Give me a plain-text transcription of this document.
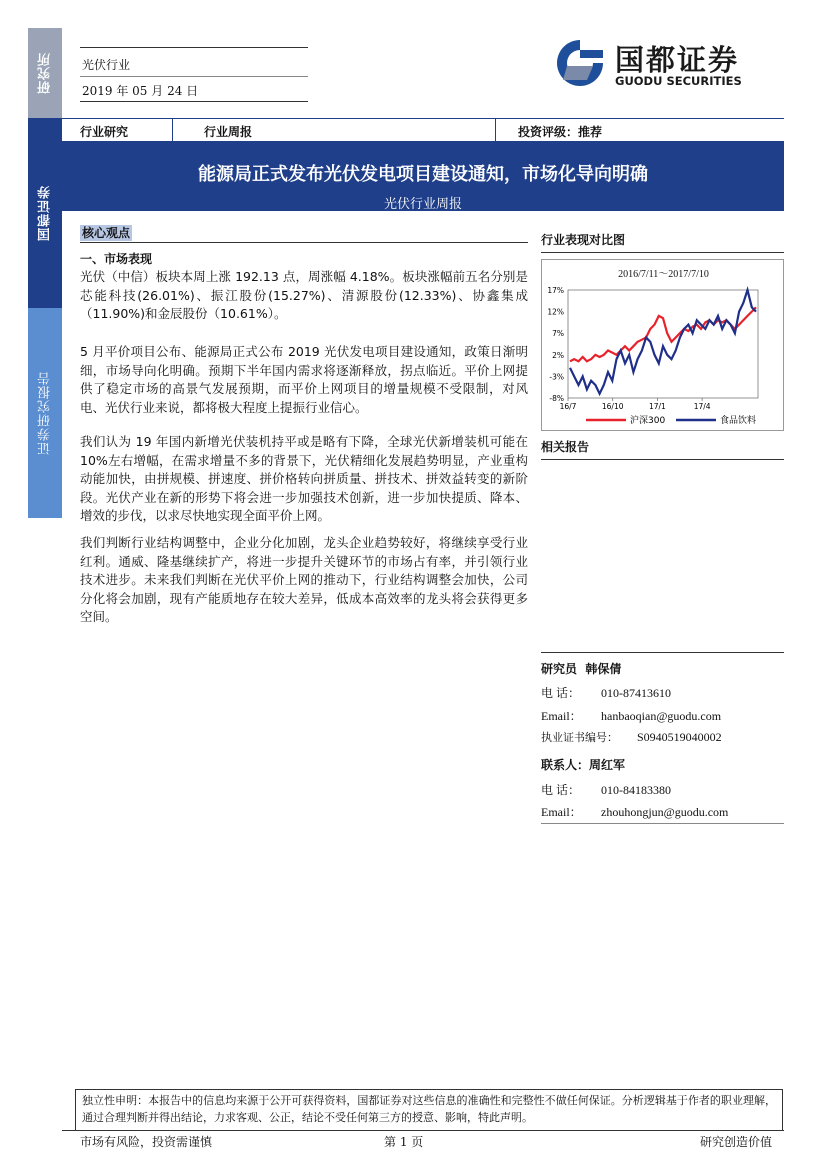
研究所
国都证券
证券研究报告
光伏行业
2019 年 05 月 24 日
国都证券
GUODU SECURITIES
行业研究	行业周报	投资评级：推荐
能源局正式发布光伏发电项目建设通知，市场化导向明确
光伏行业周报
核心观点
一、市场表现
光伏（中信）板块本周上涨 192.13 点，周涨幅 4.18%。板块涨幅前五名分别是芯能科技(26.01%)、振江股份(15.27%)、清源股份(12.33%)、协鑫集成（11.90%)和金辰股份（10.61%）。
5 月平价项目公布、能源局正式公布 2019 光伏发电项目建设通知，政策日渐明细，市场导向化明确。预期下半年国内需求将逐渐释放，拐点临近。平价上网提供了稳定市场的高景气发展预期，而平价上网项目的增量规模不受限制，对风电、光伏行业来说，都将极大程度上提振行业信心。
我们认为 19 年国内新增光伏装机持平或是略有下降，全球光伏新增装机可能在 10%左右增幅，在需求增量不多的背景下，光伏精细化发展趋势明显，产业重构动能加快，由拼规模、拼速度、拼价格转向拼质量、拼技术、拼效益转变的新阶段。光伏产业在新的形势下将会进一步加强技术创新，进一步加快提质、降本、增效的步伐，以求尽快地实现全面平价上网。
我们判断行业结构调整中，企业分化加剧，龙头企业趋势较好，将继续享受行业红利。通威、隆基继续扩产，将进一步提升关键环节的市场占有率，并引领行业技术进步。未来我们判断在光伏平价上网的推动下，行业结构调整会加快，公司分化将会加剧，现有产能质地存在较大差异，低成本高效率的龙头将会获得更多空间。
行业表现对比图
2016/7/11～2017/7/10
17%
12%
7%
2%
-3%
-8%
16/7	16/10	17/1	17/4
沪深300	食品饮料
相关报告
研究员 韩保倩
电 话： 010-87413610
Email： hanbaoqian@guodu.com
执业证书编号： S0940519040002
联系人：周红军
电 话： 010-84183380
Email： zhouhongjun@guodu.com
独立性申明：本报告中的信息均来源于公开可获得资料，国都证券对这些信息的准确性和完整性不做任何保证。分析逻辑基于作者的职业理解，通过合理判断并得出结论，力求客观、公正，结论不受任何第三方的授意、影响，特此声明。
市场有风险，投资需谨慎	第 1 页	研究创造价值
